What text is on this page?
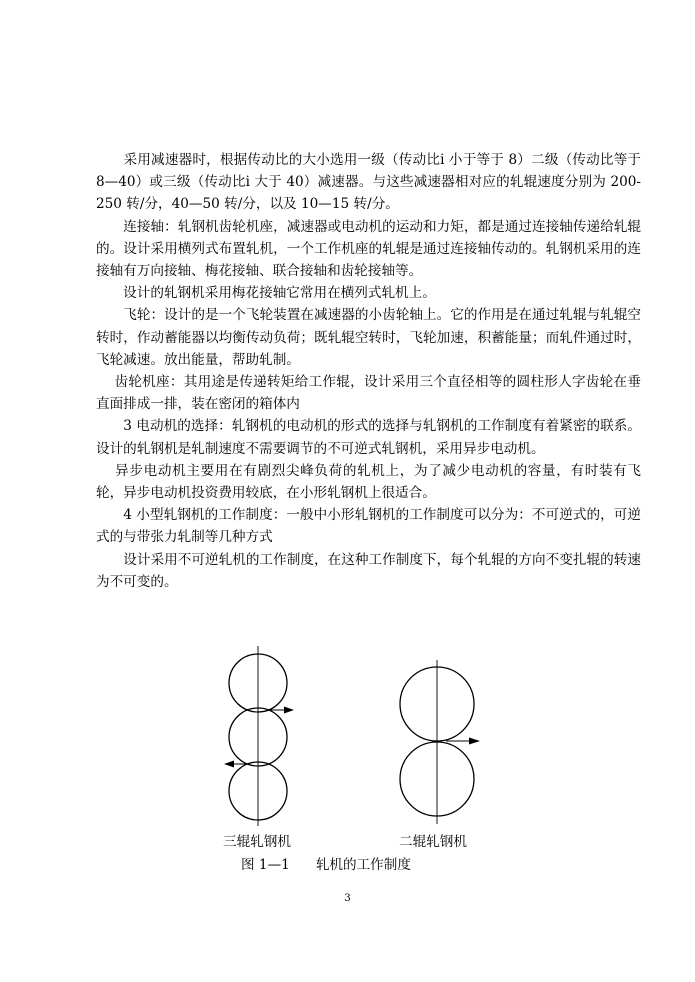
　　采用减速器时，根据传动比的大小选用一级（传动比i 小于等于 8）二级（传动比等于 8—40）或三级（传动比i 大于 40）减速器。与这些减速器相对应的轧辊速度分别为 200-250 转/分，40—50 转/分，以及 10—15 转/分。

　　连接轴：轧钢机齿轮机座，减速器或电动机的运动和力矩，都是通过连接轴传递给轧辊的。设计采用横列式布置轧机，一个工作机座的轧辊是通过连接轴传动的。轧钢机采用的连接轴有万向接轴、梅花接轴、联合接轴和齿轮接轴等。

　　设计的轧钢机采用梅花接轴它常用在横列式轧机上。

　　飞轮：设计的是一个飞轮装置在减速器的小齿轮轴上。它的作用是在通过轧辊与轧辊空转时，作动蓄能器以均衡传动负荷；既轧辊空转时，飞轮加速，积蓄能量；而轧件通过时，飞轮减速。放出能量，帮助轧制。

　 齿轮机座：其用途是传递转矩给工作辊，设计采用三个直径相等的圆柱形人字齿轮在垂直面排成一排，装在密闭的箱体内

　　3 电动机的选择：轧钢机的电动机的形式的选择与轧钢机的工作制度有着紧密的联系。设计的轧钢机是轧制速度不需要调节的不可逆式轧钢机，采用异步电动机。

　 异步电动机主要用在有剧烈尖峰负荷的轧机上，为了减少电动机的容量，有时装有飞轮，异步电动机投资费用较底，在小形轧钢机上很适合。

　　4 小型轧钢机的工作制度：一般中小形轧钢机的工作制度可以分为：不可逆式的，可逆式的与带张力轧制等几种方式

　　设计采用不可逆轧机的工作制度，在这种工作制度下，每个轧辊的方向不变扎辊的转速为不可变的。

三辊轧钢机	二辊轧钢机
图 1—1 轧机的工作制度
3
